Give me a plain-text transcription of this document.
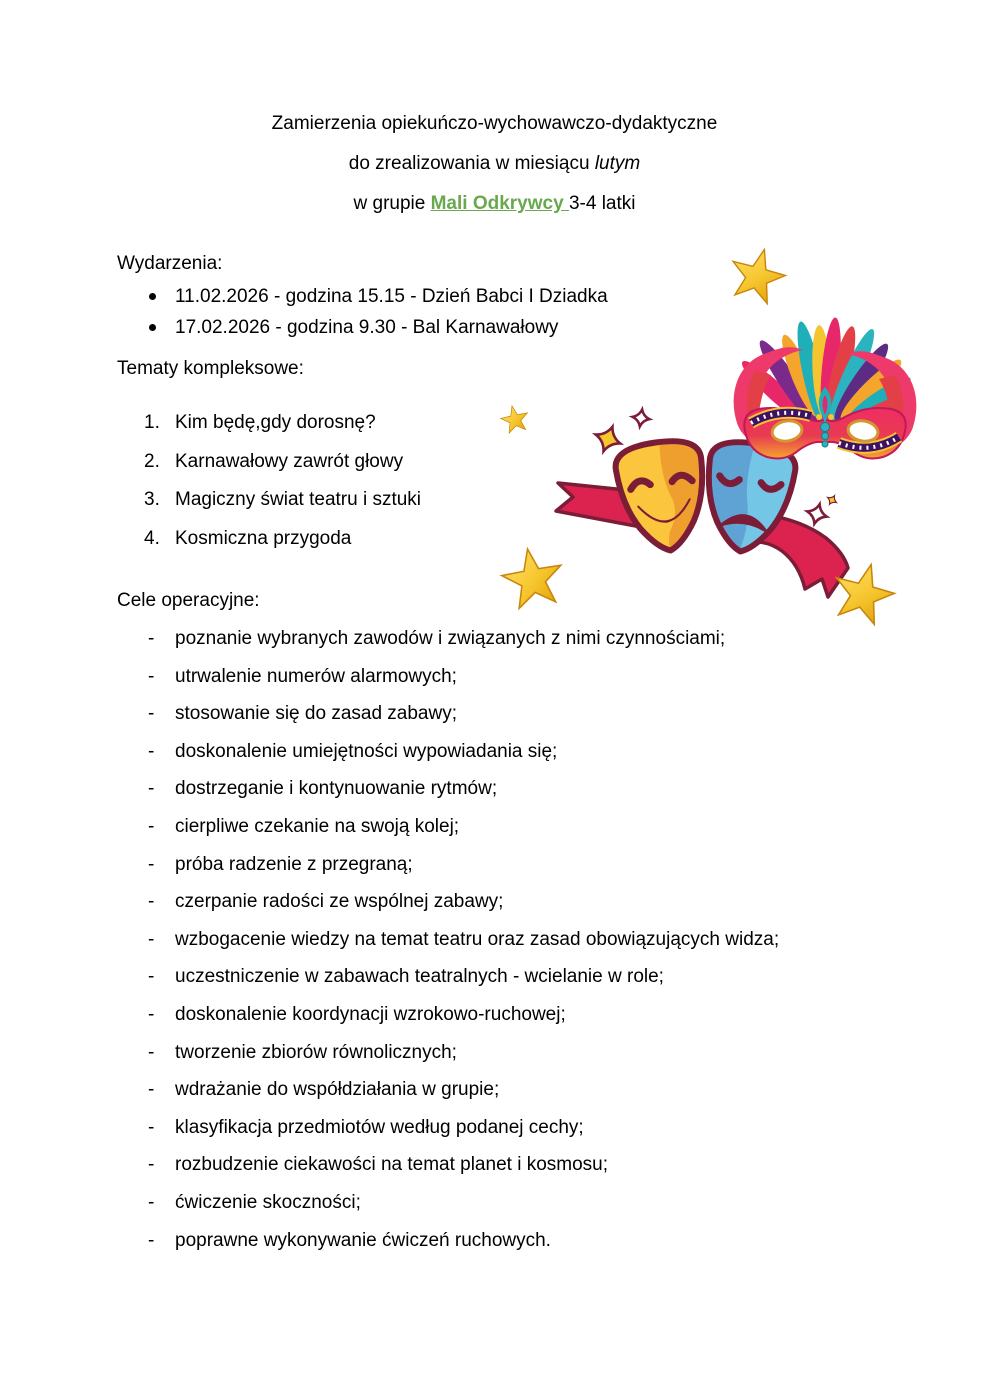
Zamierzenia opiekuńczo-wychowawczo-dydaktyczne
do zrealizowania w miesiącu lutym
w grupie Mali Odkrywcy 3-4 latki
Wydarzenia:
11.02.2026 - godzina 15.15 - Dzień Babci I Dziadka
17.02.2026 - godzina 9.30 - Bal Karnawałowy
Tematy kompleksowe:
Kim będę,gdy dorosnę?
Karnawałowy zawrót głowy
Magiczny świat teatru i sztuki
Kosmiczna przygoda
Cele operacyjne:
- poznanie wybranych zawodów i związanych z nimi czynnościami;
- utrwalenie numerów alarmowych;
- stosowanie się do zasad zabawy;
- doskonalenie umiejętności wypowiadania się;
- dostrzeganie i kontynuowanie rytmów;
- cierpliwe czekanie na swoją kolej;
- próba radzenie z przegraną;
- czerpanie radości ze wspólnej zabawy;
- wzbogacenie wiedzy na temat teatru oraz zasad obowiązujących widza;
- uczestniczenie w zabawach teatralnych - wcielanie w role;
- doskonalenie koordynacji wzrokowo-ruchowej;
- tworzenie zbiorów równolicznych;
- wdrażanie do współdziałania w grupie;
- klasyfikacja przedmiotów według podanej cechy;
- rozbudzenie ciekawości na temat planet i kosmosu;
- ćwiczenie skoczności;
- poprawne wykonywanie ćwiczeń ruchowych.
